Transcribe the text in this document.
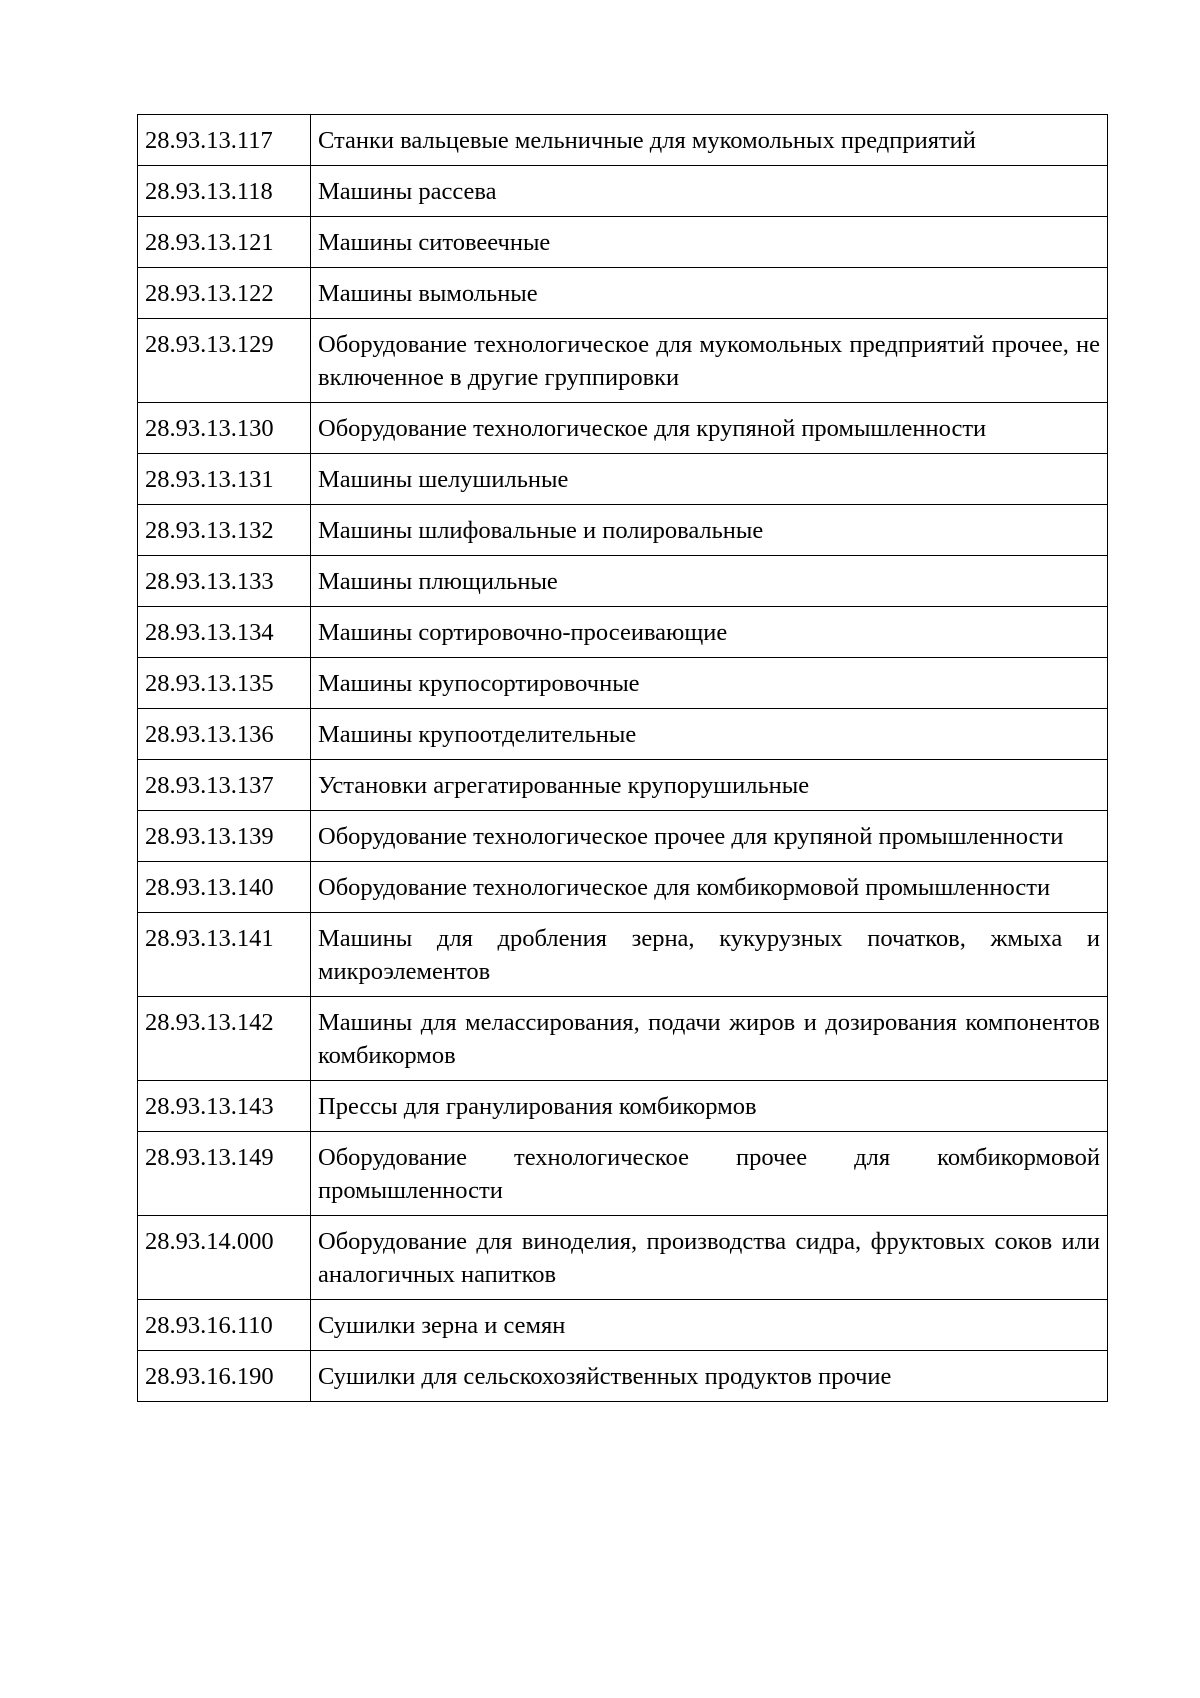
28.93.13.117	Станки вальцевые мельничные для мукомольных предприятий
28.93.13.118	Машины рассева
28.93.13.121	Машины ситовеечные
28.93.13.122	Машины вымольные
28.93.13.129	Оборудование технологическое для мукомольных предприятий прочее, не включенное в другие группировки
28.93.13.130	Оборудование технологическое для крупяной промышленности
28.93.13.131	Машины шелушильные
28.93.13.132	Машины шлифовальные и полировальные
28.93.13.133	Машины плющильные
28.93.13.134	Машины сортировочно-просеивающие
28.93.13.135	Машины крупосортировочные
28.93.13.136	Машины крупоотделительные
28.93.13.137	Установки агрегатированные крупорушильные
28.93.13.139	Оборудование технологическое прочее для крупяной промышленности
28.93.13.140	Оборудование технологическое для комбикормовой промышленности
28.93.13.141	Машины для дробления зерна, кукурузных початков, жмыха и микроэлементов
28.93.13.142	Машины для мелассирования, подачи жиров и дозирования компонентов комбикормов
28.93.13.143	Прессы для гранулирования комбикормов
28.93.13.149	Оборудование технологическое прочее для комбикормовой промышленности
28.93.14.000	Оборудование для виноделия, производства сидра, фруктовых соков или аналогичных напитков
28.93.16.110	Сушилки зерна и семян
28.93.16.190	Сушилки для сельскохозяйственных продуктов прочие
